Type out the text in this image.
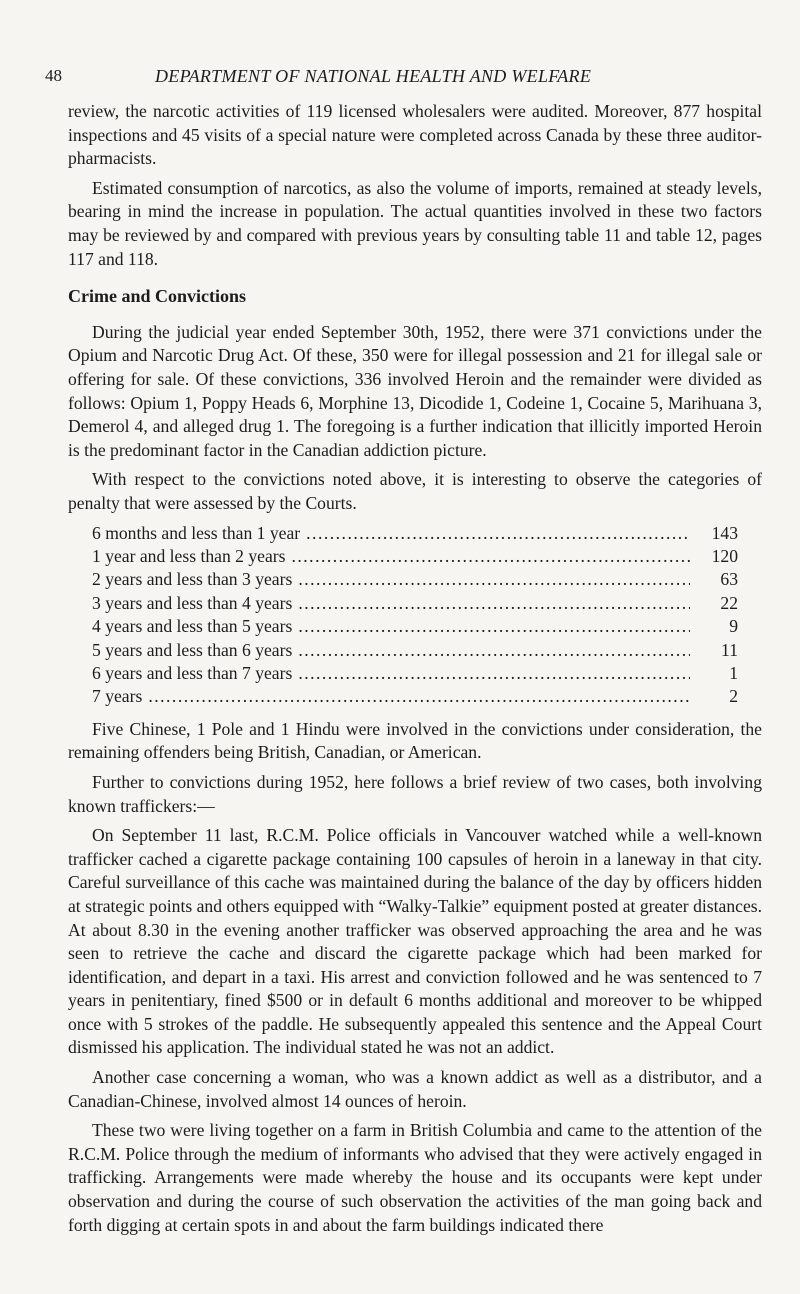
48	DEPARTMENT OF NATIONAL HEALTH AND WELFARE

review, the narcotic activities of 119 licensed wholesalers were audited. Moreover, 877 hospital inspections and 45 visits of a special nature were completed across Canada by these three auditor-pharmacists.

Estimated consumption of narcotics, as also the volume of imports, remained at steady levels, bearing in mind the increase in population. The actual quantities involved in these two factors may be reviewed by and compared with previous years by consulting table 11 and table 12, pages 117 and 118.

Crime and Convictions

During the judicial year ended September 30th, 1952, there were 371 convictions under the Opium and Narcotic Drug Act. Of these, 350 were for illegal possession and 21 for illegal sale or offering for sale. Of these convictions, 336 involved Heroin and the remainder were divided as follows: Opium 1, Poppy Heads 6, Morphine 13, Dicodide 1, Codeine 1, Cocaine 5, Marihuana 3, Demerol 4, and alleged drug 1. The foregoing is a further indication that illicitly imported Heroin is the predominant factor in the Canadian addiction picture.

With respect to the convictions noted above, it is interesting to observe the categories of penalty that were assessed by the Courts.

6 months and less than 1 year .....	143
1 year and less than 2 years .....	120
2 years and less than 3 years .....	63
3 years and less than 4 years .....	22
4 years and less than 5 years .....	9
5 years and less than 6 years .....	11
6 years and less than 7 years .....	1
7 years .....	2

Five Chinese, 1 Pole and 1 Hindu were involved in the convictions under consideration, the remaining offenders being British, Canadian, or American.

Further to convictions during 1952, here follows a brief review of two cases, both involving known traffickers:—

On September 11 last, R.C.M. Police officials in Vancouver watched while a well-known trafficker cached a cigarette package containing 100 capsules of heroin in a laneway in that city. Careful surveillance of this cache was maintained during the balance of the day by officers hidden at strategic points and others equipped with “Walky-Talkie” equipment posted at greater distances. At about 8.30 in the evening another trafficker was observed approaching the area and he was seen to retrieve the cache and discard the cigarette package which had been marked for identification, and depart in a taxi. His arrest and conviction followed and he was sentenced to 7 years in penitentiary, fined $500 or in default 6 months additional and moreover to be whipped once with 5 strokes of the paddle. He subsequently appealed this sentence and the Appeal Court dismissed his application. The individual stated he was not an addict.

Another case concerning a woman, who was a known addict as well as a distributor, and a Canadian-Chinese, involved almost 14 ounces of heroin.

These two were living together on a farm in British Columbia and came to the attention of the R.C.M. Police through the medium of informants who advised that they were actively engaged in trafficking. Arrangements were made whereby the house and its occupants were kept under observation and during the course of such observation the activities of the man going back and forth digging at certain spots in and about the farm buildings indicated there
